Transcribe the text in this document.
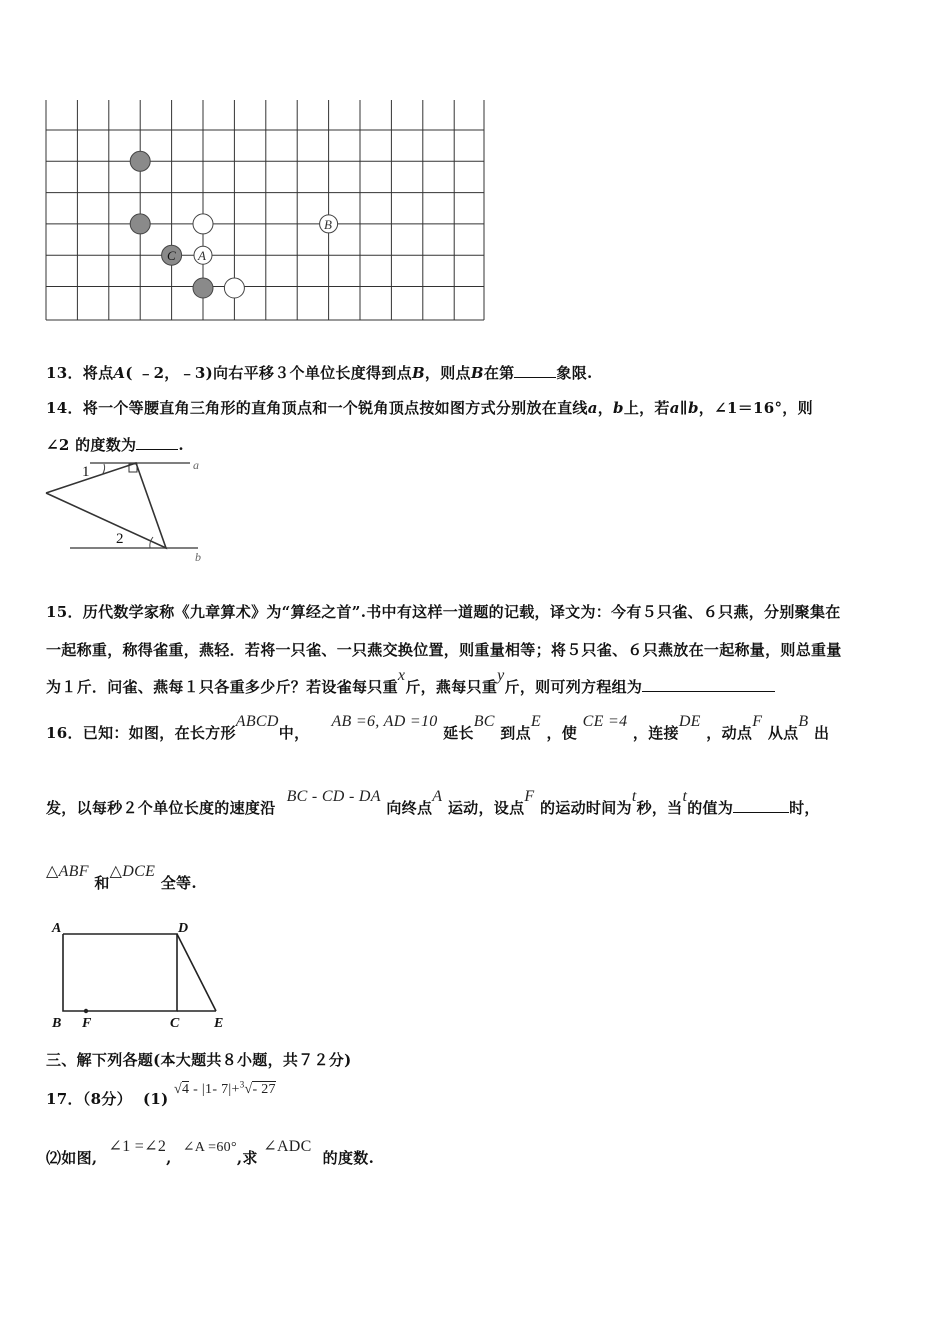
B
C A
13．将点A( ﹣2，﹣3)向右平移３个单位长度得到点B，则点B在第	象限.
14．将一个等腰直角三角形的直角顶点和一个锐角顶点按如图方式分别放在直线a，b上，若a∥b，∠1＝16°，则
∠2 的度数为	.
1
2
a
b
15．历代数学家称《九章算术》为“算经之首”.书中有这样一道题的记载，译文为：今有５只雀、６只燕，分别聚集在
一起称重，称得雀重，燕轻．若将一只雀、一只燕交换位置，则重量相等；将５只雀、６只燕放在一起称量，则总重量
为１斤．问雀、燕每１只各重多少斤？若设雀每只重x斤，燕每只重y斤，则可列方程组为
16．已知：如图，在长方形ABCD中，    AB =6, AD =10 延长BC 到点E ，使 CE =4 ，连接DE ，动点F 从点B 出
发，以每秒２个单位长度的速度沿  BC - CD - DA 向终点A 运动，设点F 的运动时间为t秒，当t的值为	时，
△ABF 和△DCE 全等.
A	D
B F	C E
三、解下列各题(本大题共８小题，共７２分)
17．（8分） (1) √4 - |1- 7|+$^3$√- 27
⑵如图,  ∠1 =∠2,  ∠A =60°,求 ∠ADC  的度数.
